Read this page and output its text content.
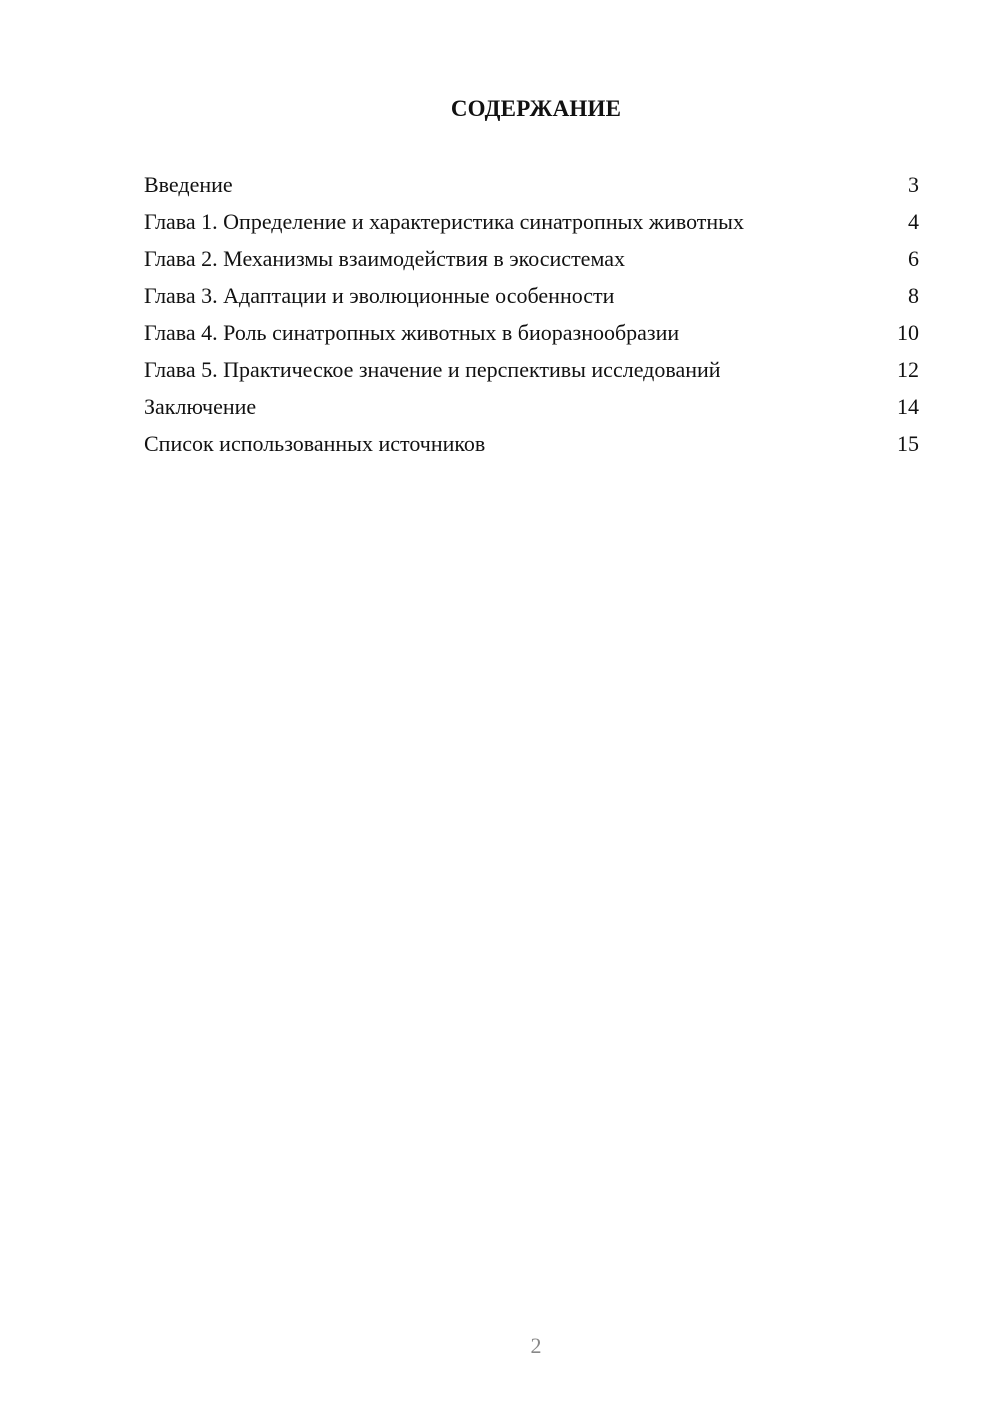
СОДЕРЖАНИЕ
Введение	3
Глава 1. Определение и характеристика синатропных животных	4
Глава 2. Механизмы взаимодействия в экосистемах	6
Глава 3. Адаптации и эволюционные особенности	8
Глава 4. Роль синатропных животных в биоразнообразии	10
Глава 5. Практическое значение и перспективы исследований	12
Заключение	14
Список использованных источников	15
2
